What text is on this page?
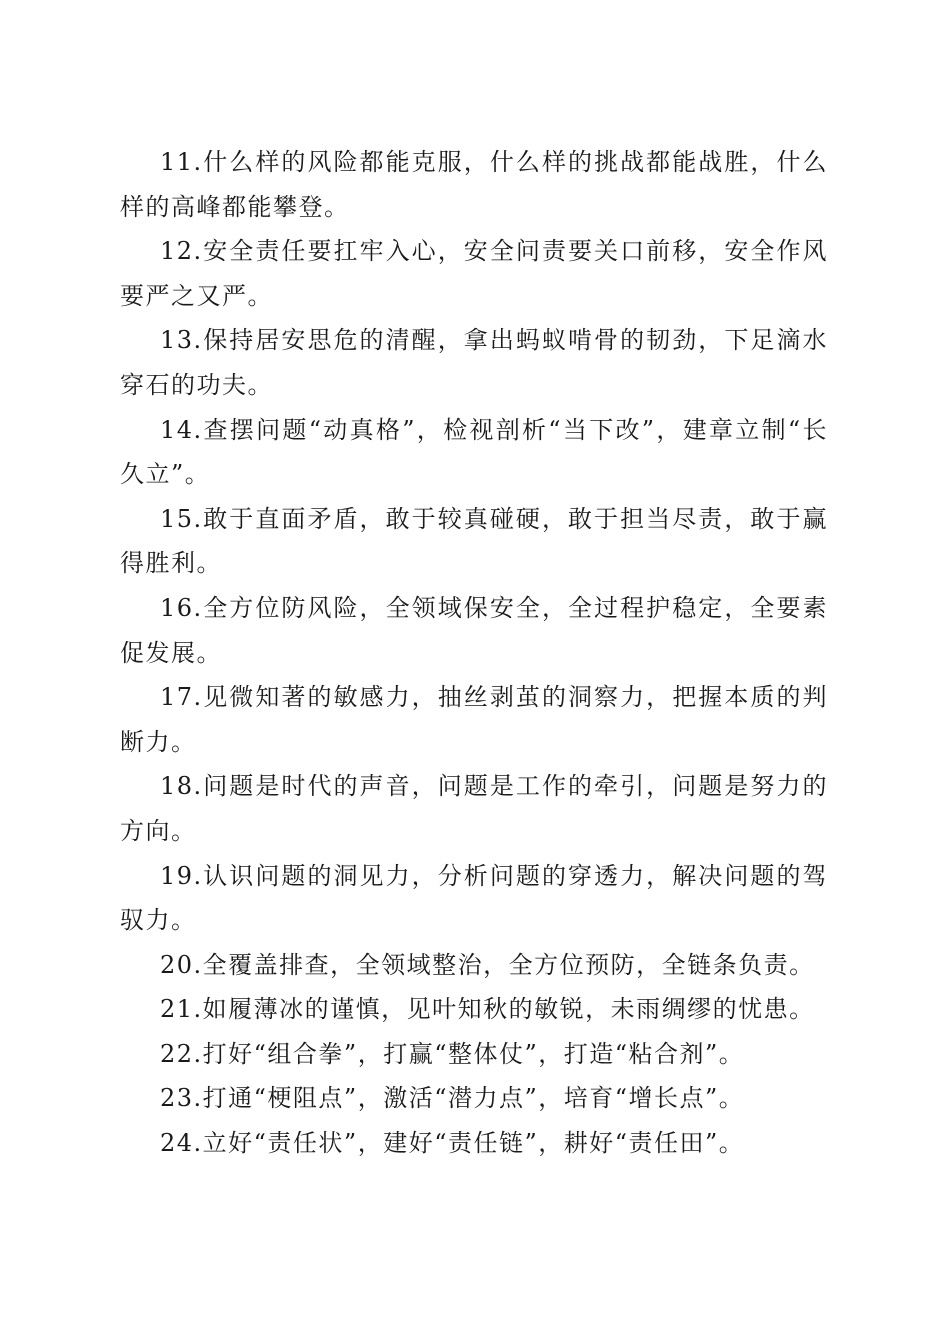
11.什么样的风险都能克服，什么样的挑战都能战胜，什么样的高峰都能攀登。

12.安全责任要扛牢入心，安全问责要关口前移，安全作风要严之又严。

13.保持居安思危的清醒，拿出蚂蚁啃骨的韧劲，下足滴水穿石的功夫。

14.查摆问题“动真格”，检视剖析“当下改”，建章立制“长久立”。

15.敢于直面矛盾，敢于较真碰硬，敢于担当尽责，敢于赢得胜利。

16.全方位防风险，全领域保安全，全过程护稳定，全要素促发展。

17.见微知著的敏感力，抽丝剥茧的洞察力，把握本质的判断力。

18.问题是时代的声音，问题是工作的牵引，问题是努力的方向。

19.认识问题的洞见力，分析问题的穿透力，解决问题的驾驭力。

20.全覆盖排查，全领域整治，全方位预防，全链条负责。

21.如履薄冰的谨慎，见叶知秋的敏锐，未雨绸缪的忧患。

22.打好“组合拳”，打赢“整体仗”，打造“粘合剂”。

23.打通“梗阻点”，激活“潜力点”，培育“增长点”。

24.立好“责任状”，建好“责任链”，耕好“责任田”。
